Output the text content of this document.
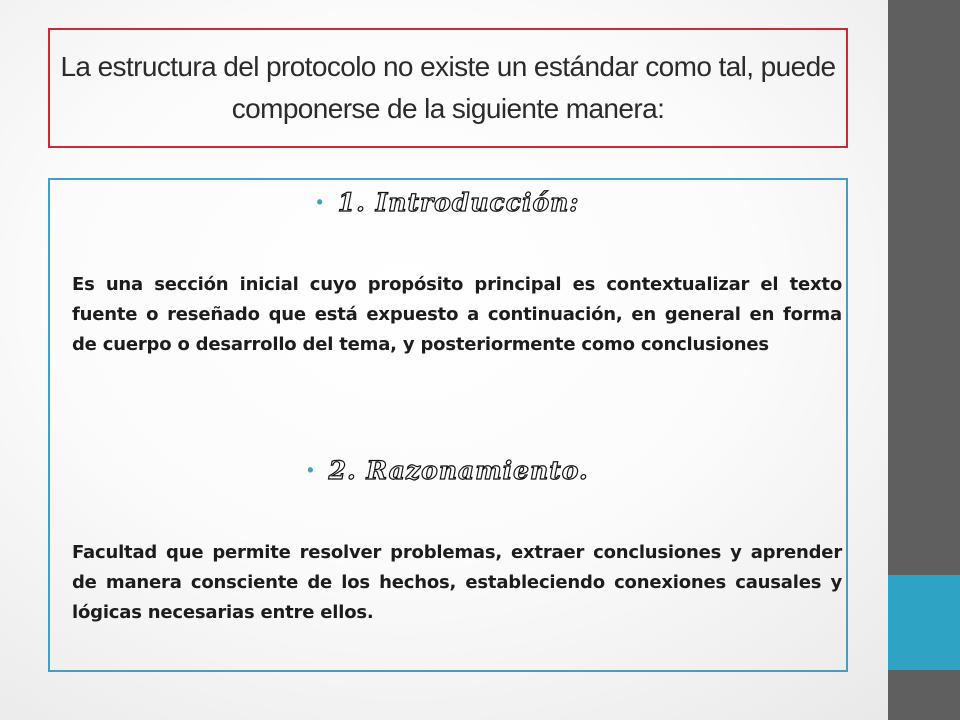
La estructura del protocolo no existe un estándar como tal, puede
componerse de la siguiente manera:
• 1. Introducción:

Es una sección inicial cuyo propósito principal es contextualizar el texto fuente o reseñado que está expuesto a continuación, en general en forma de cuerpo o desarrollo del tema, y posteriormente como conclusiones

• 2. Razonamiento.

Facultad que permite resolver problemas, extraer conclusiones y aprender de manera consciente de los hechos, estableciendo conexiones causales y lógicas necesarias entre ellos.
